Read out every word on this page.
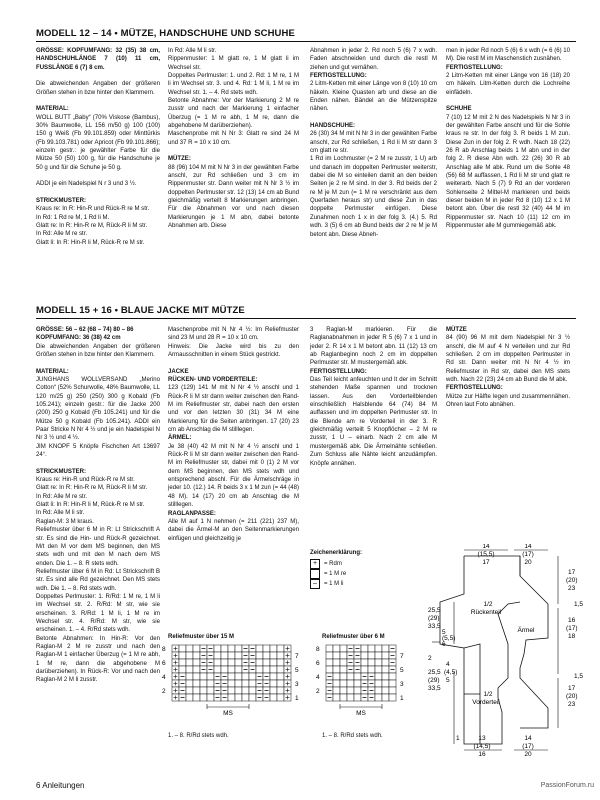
MODELL 12 – 14 • MÜTZE, HANDSCHUHE UND SCHUHE

GRÖSSE: KOPFUMFANG: 32 (35) 38 cm, HANDSCHUHLÄNGE 7 (10) 11 cm, FUSSLÄNGE 6 (7) 8 cm.

Die abweichenden Angaben der größeren Größen stehen in bzw hinter den Klammern.

MATERIAL:

WOLL BUTT „Baby“ (70% Viskose (Bambus), 30% Baumwolle, LL 156 m/50 g) 100 (100) 150 g Weiß (Fb 99.101.859) oder Minttürkis (Fb 99.103.781) oder Apricot (Fb 99.101.866); einzeln gestr.: je gewählter Farbe für die Mütze 50 (50) 100 g, für die Handschuhe je 50 g und für die Schuhe je 50 g.

ADDI je ein Nadelspiel N r 3 und 3 ½.

STRICKMUSTER:

Kraus re: In R: Hin-R und Rück-R re M str.

In Rd: 1 Rd re M, 1 Rd li M.

Glatt re: In R: Hin-R re M, Rück-R li M str.

In Rd: Alle M re str.

Glatt li: In R: Hin-R li M, Rück-R re M str.

In Rd: Alle M li str.

Rippenmuster: 1 M glatt re, 1 M glatt li im Wechsel str.

Doppeltes Perlmuster: 1. und 2. Rd: 1 M re, 1 M li im Wechsel str. 3. und 4. Rd: 1 M li, 1 M re im Wechsel str. 1. – 4. Rd stets wdh.

Betonte Abnahme: Vor der Markierung 2 M re zusstr und nach der Markierung 1 einfacher Überzug (= 1 M re abh, 1 M re, dann die abgehobene M darüberziehen).

Maschenprobe mit N Nr 3: Glatt re sind 24 M und 37 R = 10 x 10 cm.

MÜTZE:

88 (96) 104 M mit N Nr 3 in der gewählten Farbe anschl, zur Rd schließen und 3 cm im Rippenmuster str. Dann weiter mit N Nr 3 ½ im doppelten Perlmuster str. 12 (13) 14 cm ab Bund gleichmäßig verteilt 8 Markierungen anbringen. Für die Abnahmen vor und nach diesen Markierungen je 1 M abn, dabei betonte Abnahmen arb. Diese

Abnahmen in jeder 2. Rd noch 5 (6) 7 x wdh. Faden abschneiden und durch die restl M ziehen und gut vernähen.

FERTIGSTELLUNG:

2 Litm-Ketten mit einer Länge von 8 (10) 10 cm häkeln. Kleine Quasten arb und diese an die Enden nähen. Bändel an die Mützenspitze nähen.

HANDSCHUHE:

26 (30) 34 M mit N Nr 3 in der gewählten Farbe anschl, zur Rd schließen, 1 Rd li M str dann 3 cm glatt re str.

1 Rd im Lochmuster (= 2 M re zusstr, 1 U) arb und danach im doppelten Perlmuster weiterstr, dabei die M so einteilen damit an den beiden Seiten je 2 re M sind. In der 3. Rd beids der 2 re M je M zun (= 1 M re verschränkt aus dem Querfaden heraus str) und diese Zun in das doppelte Perlmuster einfügen. Diese Zunahmen noch 1 x in der folg 3. (4.) 5. Rd wdh. 3 (5) 6 cm ab Bund beids der 2 re M je M betont abn. Diese Abneh-

men in jeder Rd noch 5 (6) 6 x wdh (= 6 (6) 10 M). Die restl M im Maschenstich zusnähen.

FERTIGSTELLUNG:

2 Litm-Ketten mit einer Länge von 16 (18) 20 cm häkeln. Litm-Ketten durch die Lochreihe einfädeln.

SCHUHE

7 (10) 12 M mit 2 N des Nadelspiels N Nr 3 in der gewählten Farbe anschl und für die Sohle kraus re str. In der folg 3. R beids 1 M zun. Diese Zun in der folg 2. R wdh. Nach 18 (22) 26 R ab Anschlag beids 1 M abn und in der folg 2. R diese Abn wdh. 22 (26) 30 R ab Anschlag alle M abk. Rund um die Sohle 48 (56) 68 M auffassen, 1 Rd li M str und glatt re weiterarb. Nach 5 (7) 9 Rd an der vorderen Sohlenseite 2 Mittel-M markieren und beids dieser beiden M in jeder Rd 8 (10) 12 x 1 M betont abn. Über die restl 32 (40) 44 M im Rippenmuster str. Nach 10 (11) 12 cm im Rippenmuster alle M gummiegemäß abk.

MODELL 15 + 16 • BLAUE JACKE MIT MÜTZE

GRÖSSE: 56 – 62 (68 – 74) 80 – 86

KOPFUMFANG: 36 (38) 42 cm

Die abweichenden Angaben der größeren Größen stehen in bzw hinter den Klammern.

MATERIAL:

JUNGHANS WOLLVERSAND „Merino Cotton“ (52% Schurwolle, 48% Baumwolle, LL 120 m/25 g) 250 (250) 300 g Kobald (Fb 105.241); einzeln gestr.: für die Jacke 200 (200) 250 g Kobald (Fb 105.241) und für die Mütze 50 g Kobald (Fb 105.241). ADDI ein Paar Stricke N Nr 4 ½ und je ein Nadelspiel N Nr 3 ½ und 4 ½.

JIM KNOPF 5 Knöpfe Fischchen Art 13697 24°.

STRICKMUSTER:

Kraus re: Hin-R und Rück-R re M str.

Glatt re: In R: Hin-R re M, Rück-R li M str.

In Rd: Alle M re str.

Glatt li: In R: Hin-R li M, Rück-R re M str.

In Rd: Alle M li str.

Raglan-M: 3 M kraus.

Reliefmuster über 6 M in R: Lt Strickschrift A str. Es sind die Hin- und Rück-R gezeichnet. M/t den M vor dem MS beginnen, den MS stets wdh und mit den M nach dem MS enden. Die 1. – 8. R stets wdh.

Reliefmuster über 6 M in Rd: Lt Strickschrift B str. Es sind alle Rd gezeichnet. Den MS stets wdh. Die 1. – 8. Rd stets wdh.

Doppeltes Perlmuster: 1. R/Rd: 1 M re, 1 M li im Wechsel str. 2. R/Rd: M str, wie sie erscheinen. 3. R/Rd: 1 M li, 1 M re im Wechsel str. 4. R/Rd: M str, wie sie erscheinen. 1. – 4. R/Rd stets wdh.

Betonte Abnahmen: In Hin-R: Vor den Raglan-M 2 M re zusstr und nach den Raglan-M 1 einfacher Überzug (= 1 M re abh, 1 M re, dann die abgehobene M darüberziehen). In Rück-R: Vor und nach den Raglan-M 2 M li zusstr.

Maschenprobe mit N Nr 4 ½: Im Reliefmuster sind 23 M und 28 R = 10 x 10 cm.

Hinweis: Die Jacke wird bis zu den Armausschnitten in einem Stück gestrickt.

JACKE

RÜCKEN- UND VORDERTEILE:

123 (129) 141 M mit N Nr 4 ½ anschl und 1 Rück-R li M str dann weiter zwischen den Rand-M im Reliefmuster str, dabei nach den ersten und vor den letzten 30 (31) 34 M eine Markierung für die Seiten anbringen. 17 (20) 23 cm ab Anschlag die M stilllegen.

ÄRMEL:

Je 38 (40) 42 M mit N Nr 4 ½ anschl und 1 Rück-R li M str dann weiter zwischen den Rand-M im Reliefmuster str, dabei mit 0 (1) 2 M vor dem MS beginnen, den MS stets wdh und entsprechend abschl. Für die Ärmelschräge in jeder 10. (12.) 14. R beids 3 x 1 M zun (= 44 (48) 48 M). 14 (17) 20 cm ab Anschlag die M stilllegen.

RAGLANPASSE:

Alle M auf 1 N nehmen (= 211 (221) 237 M), dabei die Ärmel-M an den Seitenmarkierungen einfügen und gleichzeitig je

3 Raglan-M markieren. Für die Raglanabnahmen in jeder R 5 (6) 7 x 1 und in jeder 2. R 14 x 1 M betont abn. 11 (12) 13 cm ab Raglanbeginn noch 2 cm im doppelten Perlmuster str. M mustergemäß abk.

FERTIGSTELLUNG:

Das Teil leicht anfeuchten und lt der im Schnitt stehenden Maße spannen und trocknen lassen. Aus den Vorderteilblenden einschließlich Halsblende 64 (74) 84 M auffassen und im doppelten Perlmuster str. In die Blende am re Vorderteil in der 3. R gleichmäßig verteilt 5 Knopflöcher – 2 M re zusstr, 1 U – einarb. Nach 2 cm alle M mustergemäß abk. Die Ärmelnähte schließen. Zum Schluss alle Nähte leicht anzudämpfen. Knöpfe annähen.

MÜTZE

84 (90) 96 M mit dem Nadelspiel Nr 3 ½ anschl, die M auf 4 N verteilen und zur Rd schließen. 2 cm im doppelten Perlmuster in Rd str. Dann weiter mit N Nr 4 ½ im Reliefmuster in Rd str, dabei den MS stets wdh. Nach 22 (23) 24 cm ab Bund die M abk.

FERTIGSTELLUNG:

Mütze zur Hälfte legen und zusammennähen. Ohren laut Foto abnähen.

Zeichenerklärung:
+	= Rdm
= 1 M re
–	= 1 M li
Reliefmuster über 15 M
8
6
4
2
7
5
3
1
MS
1. – 8. R/Rd stets wdh.
Reliefmuster über 6 M
8
6
4
2
7
5
3
1
MS
1. – 8. R/Rd stets wdh.
14
(15,5)
17
14
(17)
20
25,5
(29)
33,5
5
(5,5)
6
1/2
Rückenteil
Ärmel
2
25,5
(29)
33,5
4
(4,5)
5
1/2
Vorderteil
17
(20)
23
1,5
16
(17)
18
17
(20)
23
1,5
1	13
(14,5)
16
14
(17)
20
6 Anleitungen	PassionForum.ru
